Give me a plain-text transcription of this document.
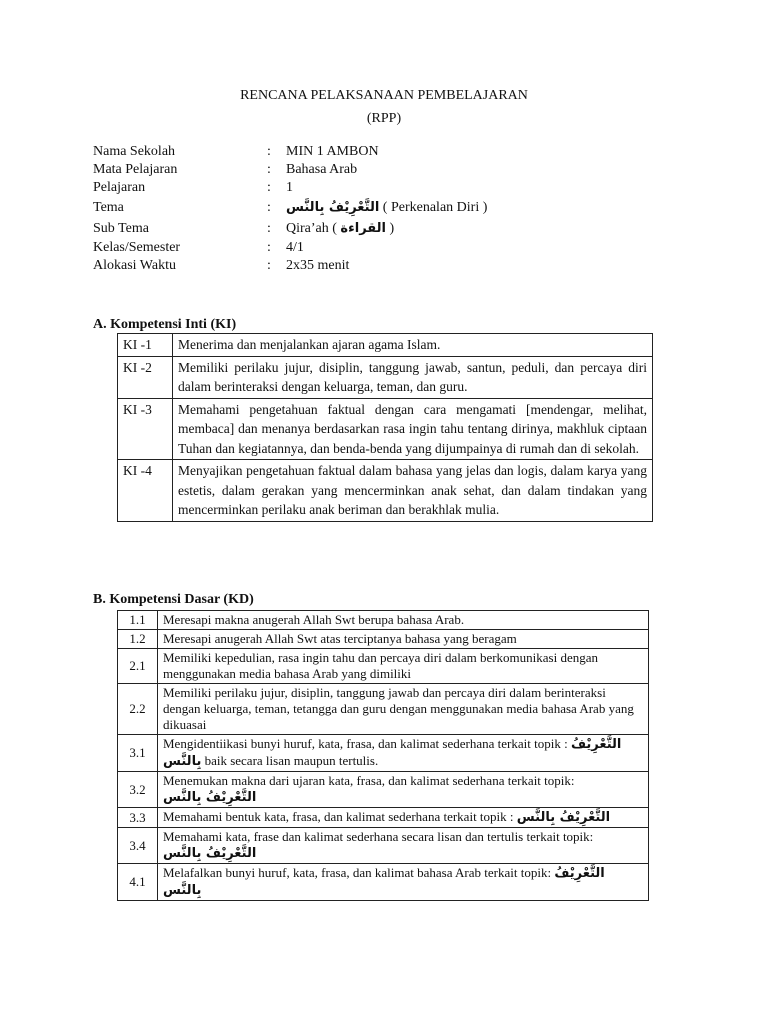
RENCANA PELAKSANAAN PEMBELAJARAN
(RPP)
Nama Sekolah	: MIN 1 AMBON
Mata Pelajaran	: Bahasa Arab
Pelajaran	: 1
Tema	: التَّعْرِيْفُ بِالنَّس ( Perkenalan Diri )
Sub Tema	: Qira’ah ( القراءة )
Kelas/Semester	: 4/1
Alokasi Waktu	: 2x35 menit
A. Kompetensi Inti (KI)
KI -1	Menerima dan menjalankan ajaran agama Islam.
KI -2	Memiliki perilaku jujur, disiplin, tanggung jawab, santun, peduli, dan percaya diri dalam berinteraksi dengan keluarga, teman, dan guru.
KI -3	Memahami pengetahuan faktual dengan cara mengamati [mendengar, melihat, membaca] dan menanya berdasarkan rasa ingin tahu tentang dirinya, makhluk ciptaan Tuhan dan kegiatannya, dan benda-benda yang dijumpainya di rumah dan di sekolah.
KI -4	Menyajikan pengetahuan faktual dalam bahasa yang jelas dan logis, dalam karya yang estetis, dalam gerakan yang mencerminkan anak sehat, dan dalam tindakan yang mencerminkan perilaku anak beriman dan berakhlak mulia.
B. Kompetensi Dasar (KD)
1.1	Meresapi makna anugerah Allah Swt berupa bahasa Arab.
1.2	Meresapi anugerah Allah Swt atas terciptanya bahasa yang beragam
2.1	Memiliki kepedulian, rasa ingin tahu dan percaya diri dalam berkomunikasi dengan menggunakan media bahasa Arab yang dimiliki
2.2	Memiliki perilaku jujur, disiplin, tanggung jawab dan percaya diri dalam berinteraksi dengan keluarga, teman, tetangga dan guru dengan menggunakan media bahasa Arab yang dikuasai
3.1	Mengidentiikasi bunyi huruf, kata, frasa, dan kalimat sederhana terkait topik : التَّعْرِيْفُ بِالنَّس baik secara lisan maupun tertulis.
3.2	Menemukan makna dari ujaran kata, frasa, dan kalimat sederhana terkait topik:
التَّعْرِيْفُ بِالنَّس
3.3	Memahami bentuk kata, frasa, dan kalimat sederhana terkait topik : التَّعْرِيْفُ بِالنَّس
3.4	Memahami kata, frase dan kalimat sederhana secara lisan dan tertulis terkait topik: التَّعْرِيْفُ بِالنَّس
4.1	Melafalkan bunyi huruf, kata, frasa, dan kalimat bahasa Arab terkait topik: التَّعْرِيْفُ بِالنَّس
